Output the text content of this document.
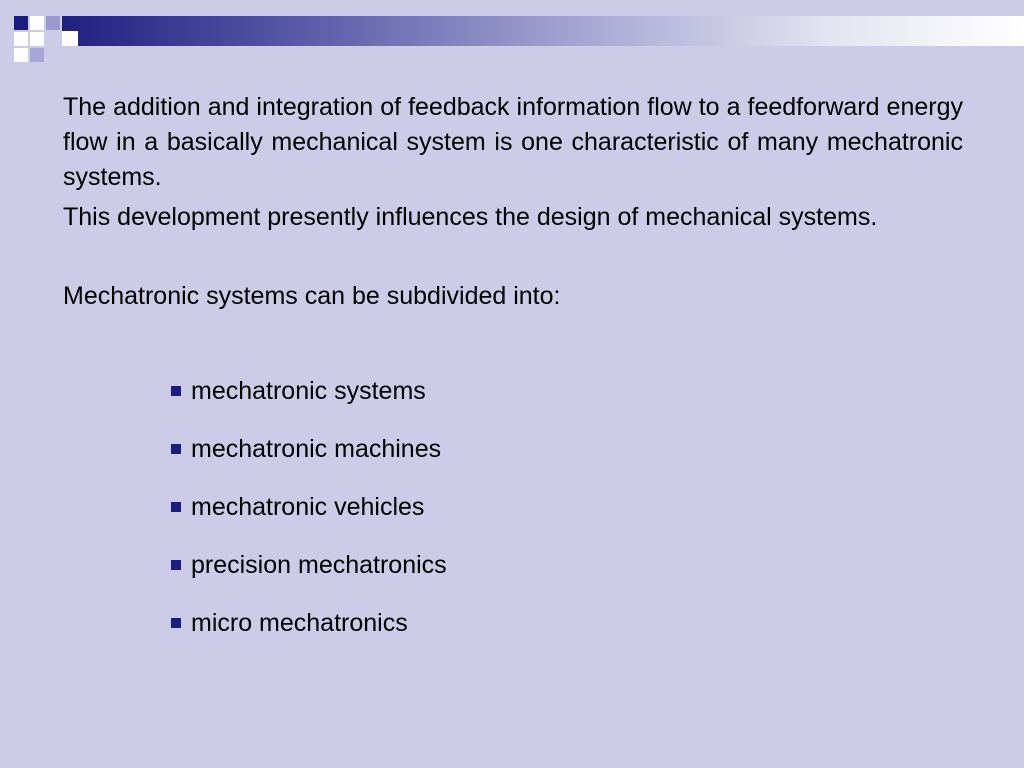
The addition and integration of feedback information flow to a feedforward energy flow in a basically mechanical system is one characteristic of many mechatronic systems.

This development presently influences the design of mechanical systems.

Mechatronic systems can be subdivided into:

mechatronic systems
mechatronic machines
mechatronic vehicles
precision mechatronics
micro mechatronics
